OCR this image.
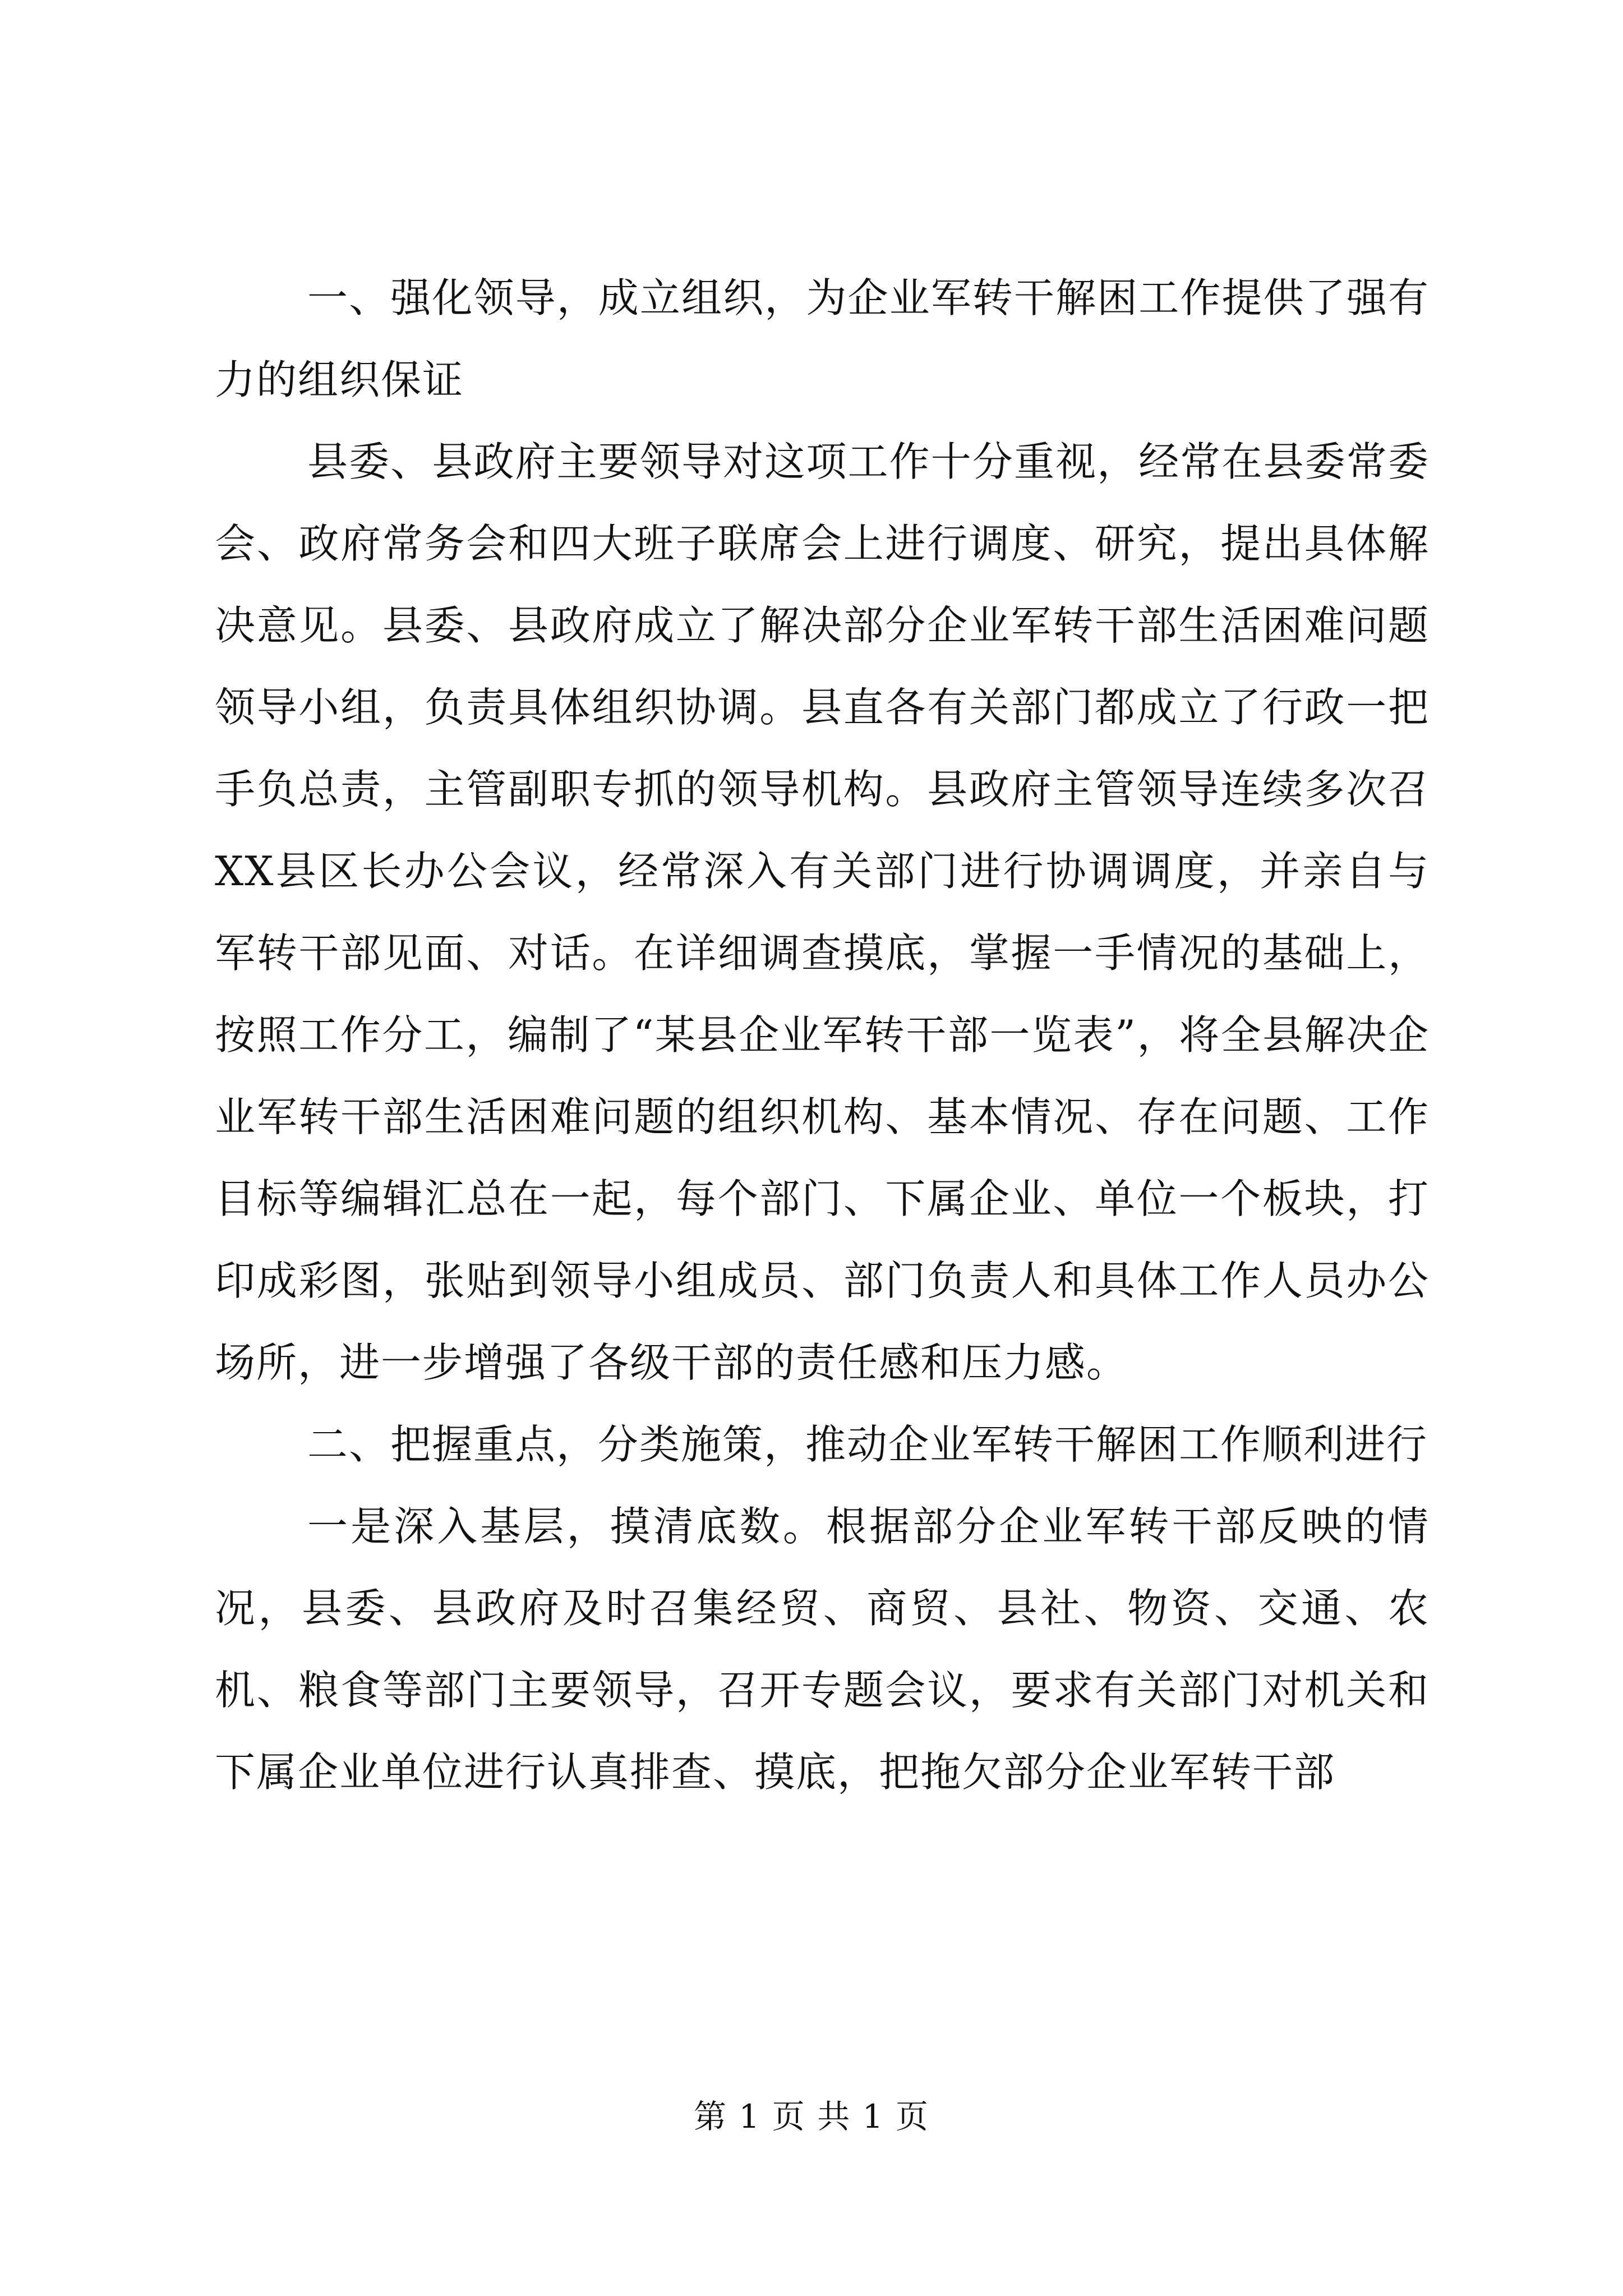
一、强化领导，成立组织，为企业军转干解困工作提供了强有力的组织保证

县委、县政府主要领导对这项工作十分重视，经常在县委常委会、政府常务会和四大班子联席会上进行调度、研究，提出具体解决意见。县委、县政府成立了解决部分企业军转干部生活困难问题领导小组，负责具体组织协调。县直各有关部门都成立了行政一把手负总责，主管副职专抓的领导机构。县政府主管领导连续多次召XX县区长办公会议，经常深入有关部门进行协调调度，并亲自与军转干部见面、对话。在详细调查摸底，掌握一手情况的基础上，按照工作分工，编制了“某县企业军转干部一览表”，将全县解决企业军转干部生活困难问题的组织机构、基本情况、存在问题、工作目标等编辑汇总在一起，每个部门、下属企业、单位一个板块，打印成彩图，张贴到领导小组成员、部门负责人和具体工作人员办公场所，进一步增强了各级干部的责任感和压力感。

二、把握重点，分类施策，推动企业军转干解困工作顺利进行

一是深入基层，摸清底数。根据部分企业军转干部反映的情况，县委、县政府及时召集经贸、商贸、县社、物资、交通、农机、粮食等部门主要领导，召开专题会议，要求有关部门对机关和下属企业单位进行认真排查、摸底，把拖欠部分企业军转干部

第 1 页 共 1 页
